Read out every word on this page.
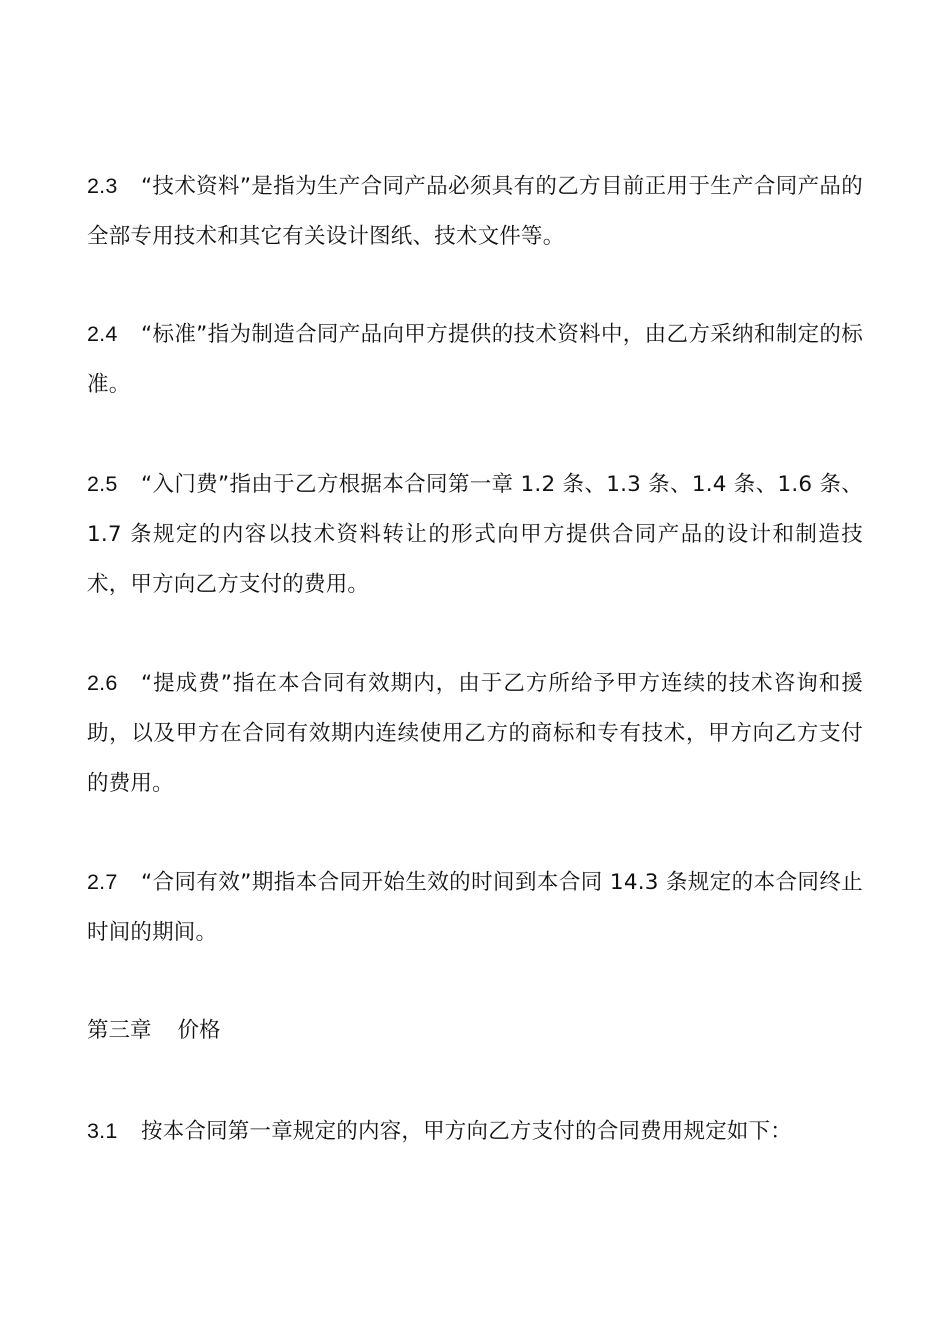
2.3 “技术资料”是指为生产合同产品必须具有的乙方目前正用于生产合同产品的全部专用技术和其它有关设计图纸、技术文件等。

2.4 “标准”指为制造合同产品向甲方提供的技术资料中，由乙方采纳和制定的标准。

2.5 “入门费”指由于乙方根据本合同第一章 1.2 条、1.3 条、1.4 条、1.6 条、1.7 条规定的内容以技术资料转让的形式向甲方提供合同产品的设计和制造技术，甲方向乙方支付的费用。

2.6 “提成费”指在本合同有效期内，由于乙方所给予甲方连续的技术咨询和援助，以及甲方在合同有效期内连续使用乙方的商标和专有技术，甲方向乙方支付的费用。

2.7 “合同有效”期指本合同开始生效的时间到本合同 14.3 条规定的本合同终止时间的期间。

第三章 价格

3.1 按本合同第一章规定的内容，甲方向乙方支付的合同费用规定如下：
